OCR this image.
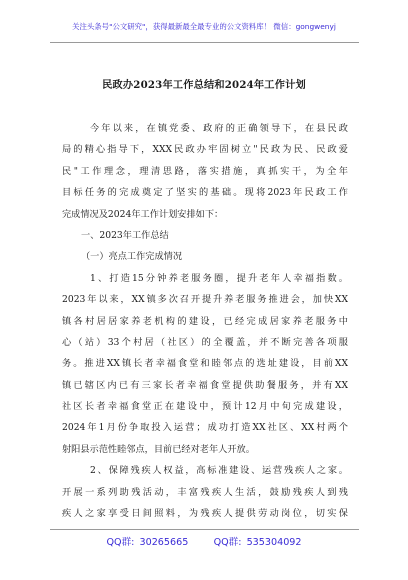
关注头条号"公文研究"，获得最新最全最专业的公文资料库！ 微信：gongwenyj
民政办2023年工作总结和2024年工作计划
今年以来，在镇党委、政府的正确领导下，在县民政
局的精心指导下，XXX民政办牢固树立"民政为民、民政爱
民"工作理念，理清思路，落实措施，真抓实干，为全年
目标任务的完成奠定了坚实的基础。现将2023年民政工作
完成情况及2024年工作计划安排如下：
一、2023年工作总结
（一）亮点工作完成情况
1、打造15分钟养老服务圈，提升老年人幸福指数。
2023年以来，XX镇多次召开提升养老服务推进会，加快XX
镇各村居居家养老机构的建设，已经完成居家养老服务中
心（站）33个村居（社区）的全覆盖，并不断完善各项服
务。推进XX镇长者幸福食堂和睦邻点的选址建设，目前XX
镇已辖区内已有三家长者幸福食堂提供助餐服务，并有XX
社区长者幸福食堂正在建设中，预计12月中旬完成建设，
2024年1月份争取投入运营；成功打造XX社区、XX村两个
射阳县示范性睦邻点，目前已经对老年人开放。
2、保障残疾人权益，高标准建设、运营残疾人之家。
开展一系列助残活动，丰富残疾人生活，鼓励残疾人到残
疾人之家享受日间照料，为残疾人提供劳动岗位，切实保
QQ群: 30265665	QQ群: 535304092
